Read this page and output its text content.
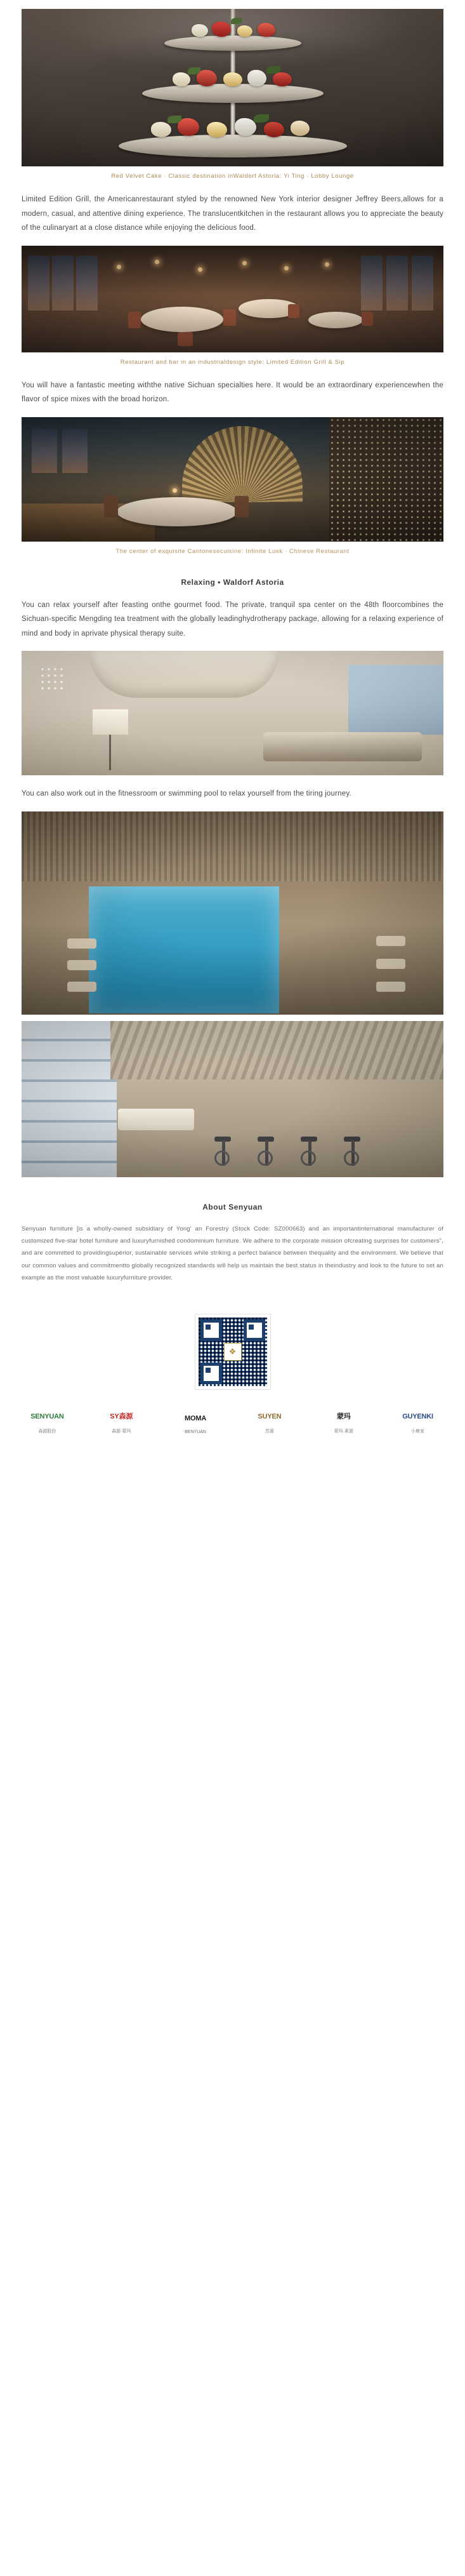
Red Velvet Cake · Classic destination inWaldorf Astoria: Yi Ting · Lobby Lounge

Limited Edition Grill, the Americanrestaurant styled by the renowned New York interior designer Jeffrey Beers,allows for a modern, casual, and attentive dining experience. The translucentkitchen in the restaurant allows you to appreciate the beauty of the culinaryart at a close distance while enjoying the delicious food.

Restaurant and bar in an industrialdesign style: Limited Edition Grill & Sip

You will have a fantastic meeting withthe native Sichuan specialties here. It would be an extraordinary experiencewhen the flavor of spice mixes with the broad horizon.

The center of exquisite Cantonesecuisine: Infinite Lusk · Chinese Restaurant
Relaxing • Waldorf Astoria

You can relax yourself after feasting onthe gourmet food. The private, tranquil spa center on the 48th floorcombines the Sichuan-specific Mengding tea treatment with the globally leadinghydrotherapy package, allowing for a relaxing experience of mind and body in aprivate physical therapy suite.

You can also work out in the fitnessroom or swimming pool to relax yourself from the tiring journey.

About Senyuan

Senyuan furniture [is a wholly-owned subsidiary of Yong' an Forestry (Stock Code: SZ000663) and an importantinternational manufacturer of customized five-star hotel furniture and luxuryfurnished condominium furniture. We adhere to the corporate mission ofcreating surprises for customers", and are committed to providingsuperior, sustainable services while striking a perfect balance between thequality and the environment. We believe that our common values and commitmentto globally recognized standards will help us maintain the best status in theindustry and look to the future to set an example as the most valuable luxuryfurniture provider.

❖
SENYUAN
森源股份
SY森源
森源·蒙玛
MOMA
BENYUAN
SUYEN
苏源
蒙玛
蒙玛·素源
GUYENKI
小鹿家
